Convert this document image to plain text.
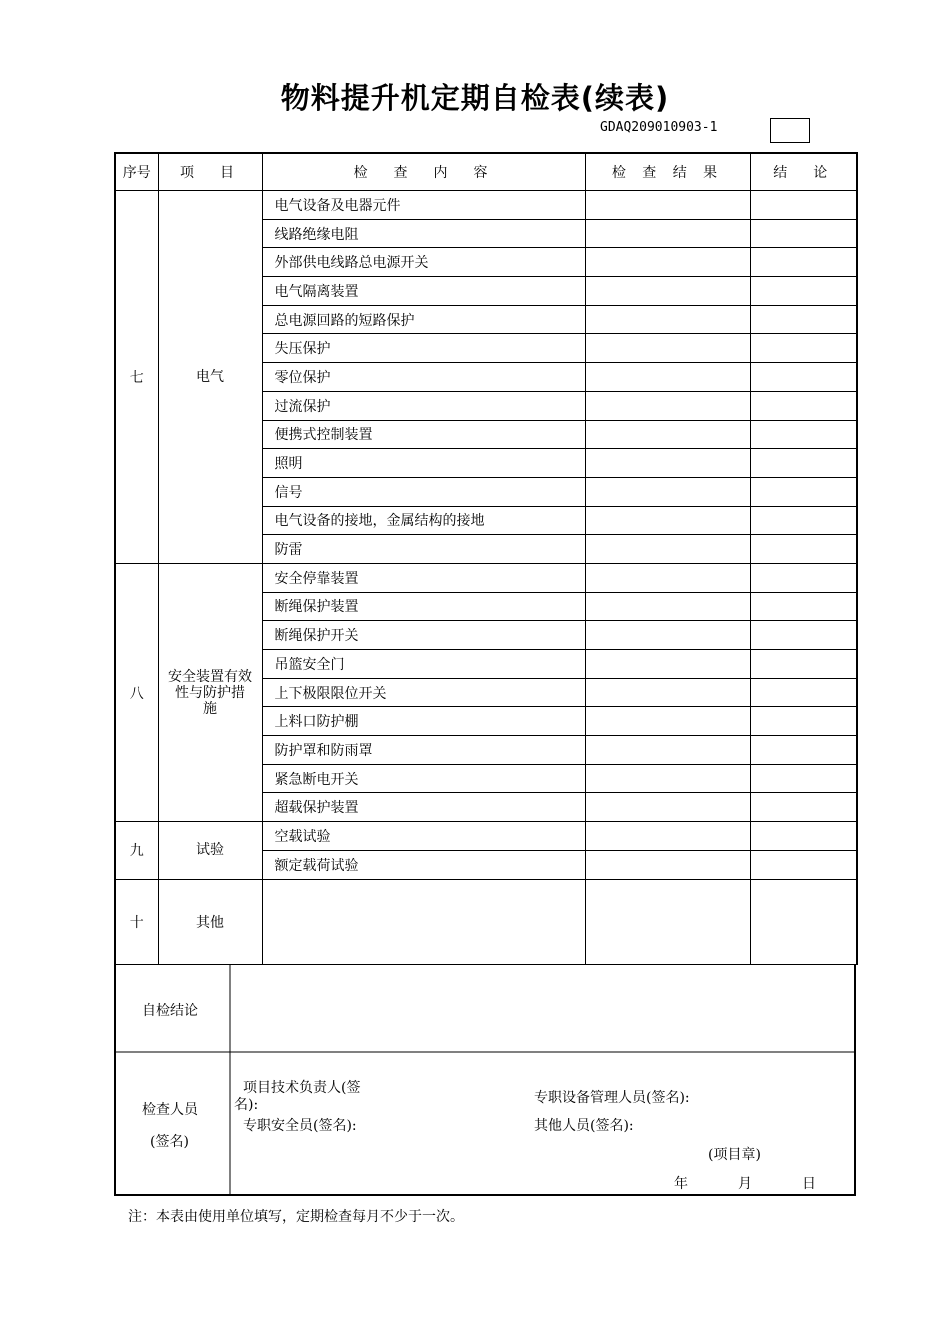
物料提升机定期自检表(续表)
GDAQ209010903-1
序号	项　目	检　查　内　容	检 查 结 果	结　论
七	电气	电气设备及电器元件		
		线路绝缘电阻		
		外部供电线路总电源开关		
		电气隔离装置		
		总电源回路的短路保护		
		失压保护		
		零位保护		
		过流保护		
		便携式控制装置		
		照明		
		信号		
		电气设备的接地，金属结构的接地		
		防雷		
八	安全装置有效性与防护措　　施	安全停靠装置		
		断绳保护装置		
		断绳保护开关		
		吊篮安全门		
		上下极限限位开关		
		上料口防护棚		
		防护罩和防雨罩		
		紧急断电开关		
		超载保护装置		
九	试验	空载试验		
		额定载荷试验		
十	其他			
自检结论
检查人员
(签名)
项目技术负责人(签
名):
专职安全员(签名):
专职设备管理人员(签名):
其他人员(签名):
(项目章)
年	月	日
注：本表由使用单位填写，定期检查每月不少于一次。
